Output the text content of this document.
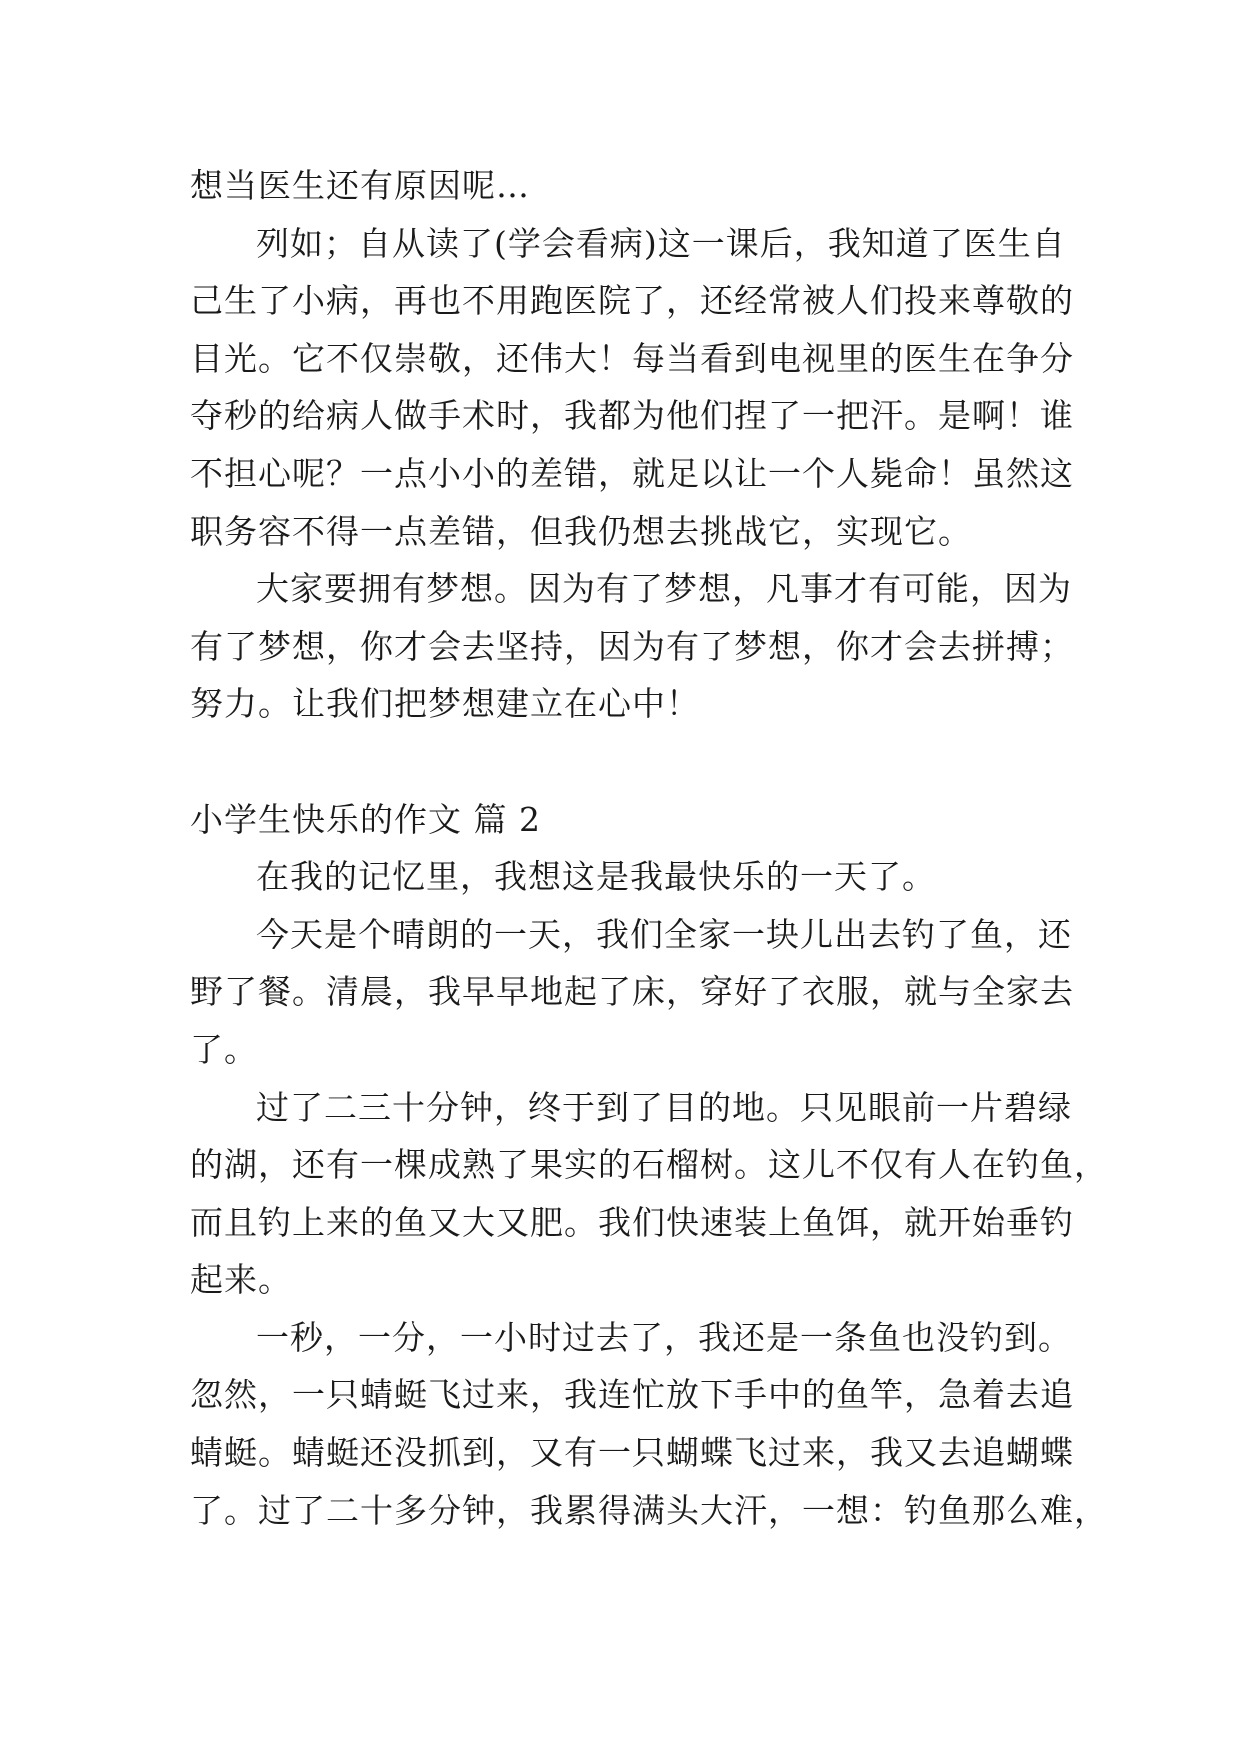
想当医生还有原因呢…
列如；自从读了(学会看病)这一课后，我知道了医生自
己生了小病，再也不用跑医院了，还经常被人们投来尊敬的
目光。它不仅崇敬，还伟大！每当看到电视里的医生在争分
夺秒的给病人做手术时，我都为他们捏了一把汗。是啊！谁
不担心呢？一点小小的差错，就足以让一个人毙命！虽然这
职务容不得一点差错，但我仍想去挑战它，实现它。
大家要拥有梦想。因为有了梦想，凡事才有可能，因为
有了梦想，你才会去坚持，因为有了梦想，你才会去拼搏；
努力。让我们把梦想建立在心中！
小学生快乐的作文 篇 2
在我的记忆里，我想这是我最快乐的一天了。
今天是个晴朗的一天，我们全家一块儿出去钓了鱼，还
野了餐。清晨，我早早地起了床，穿好了衣服，就与全家去
了。
过了二三十分钟，终于到了目的地。只见眼前一片碧绿
的湖，还有一棵成熟了果实的石榴树。这儿不仅有人在钓鱼，
而且钓上来的鱼又大又肥。我们快速装上鱼饵，就开始垂钓
起来。
一秒，一分，一小时过去了，我还是一条鱼也没钓到。
忽然，一只蜻蜓飞过来，我连忙放下手中的鱼竿，急着去追
蜻蜓。蜻蜓还没抓到，又有一只蝴蝶飞过来，我又去追蝴蝶
了。过了二十多分钟，我累得满头大汗，一想：钓鱼那么难，
